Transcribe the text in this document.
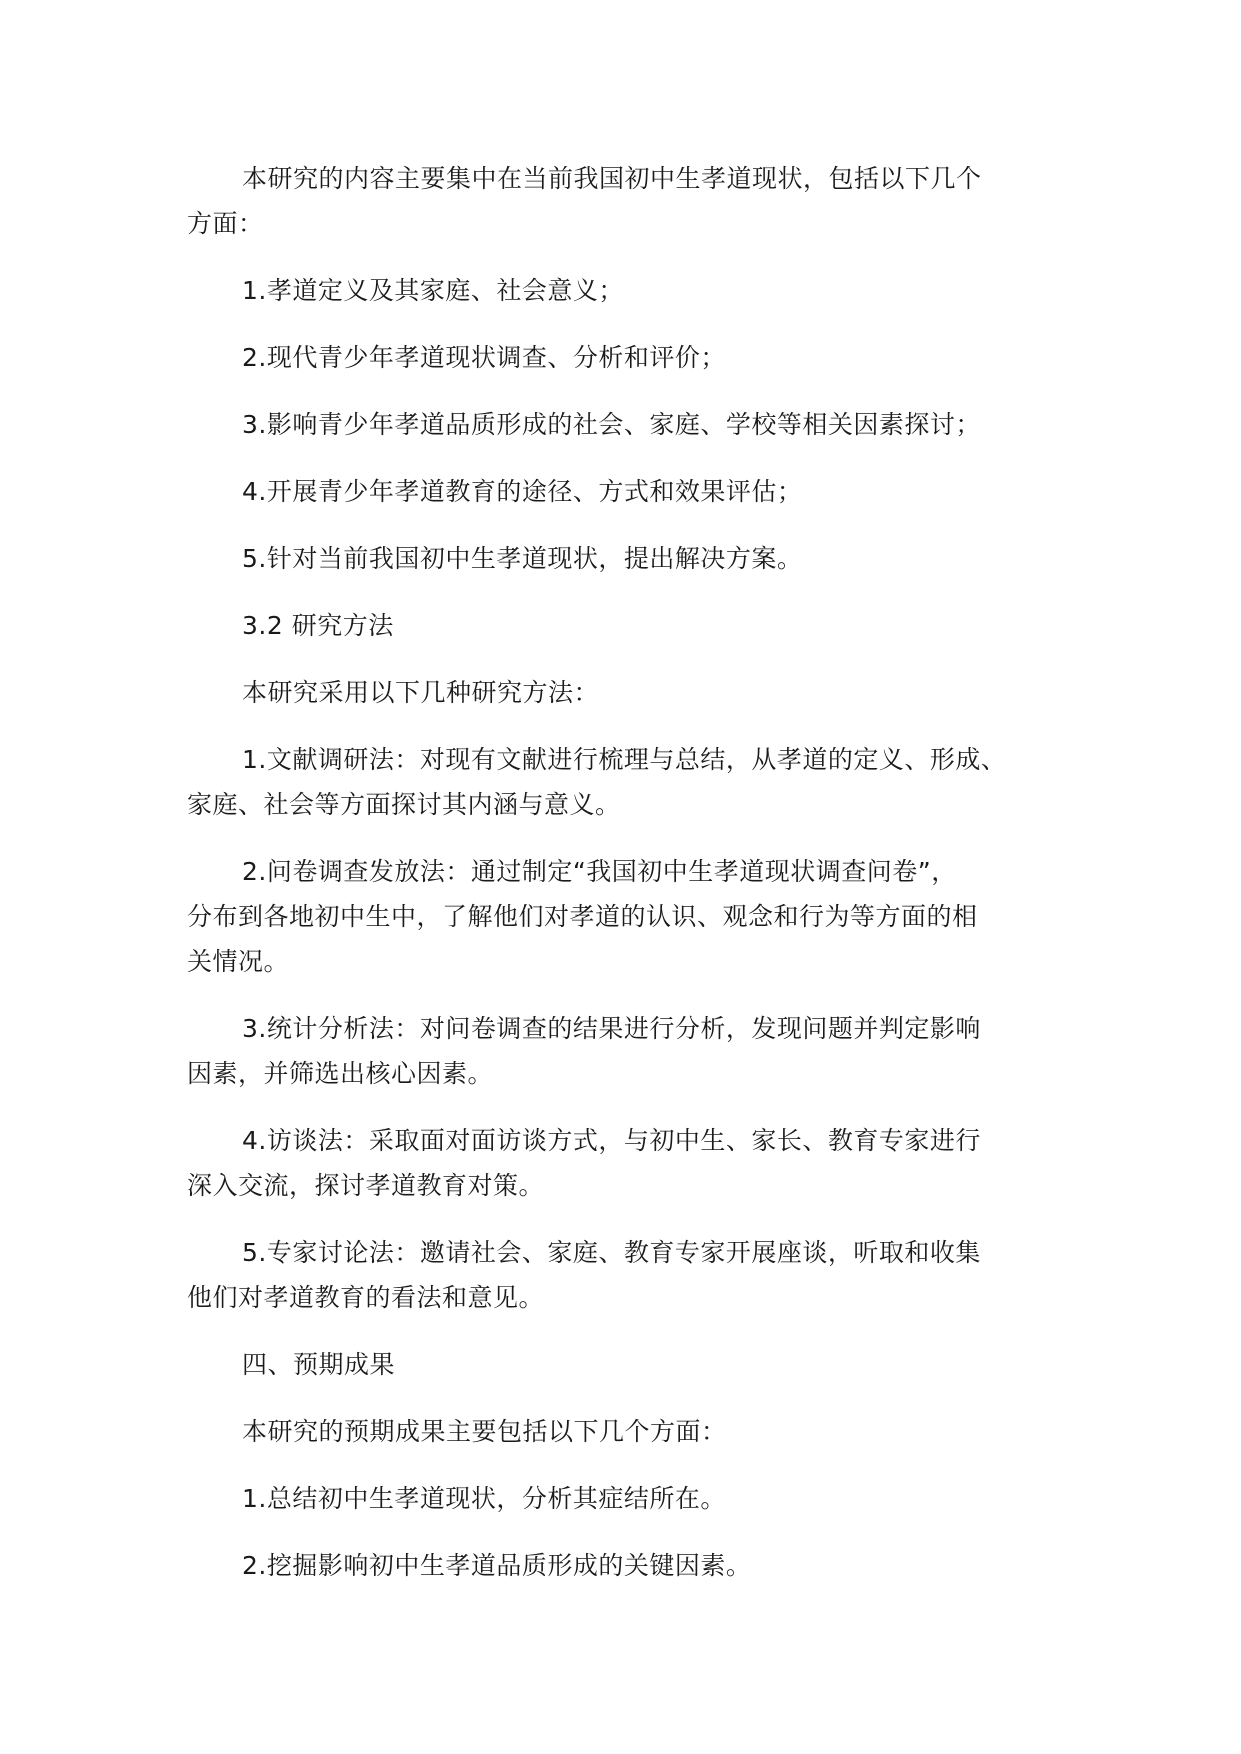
本研究的内容主要集中在当前我国初中生孝道现状，包括以下几个
方面：

1.孝道定义及其家庭、社会意义；

2.现代青少年孝道现状调查、分析和评价；

3.影响青少年孝道品质形成的社会、家庭、学校等相关因素探讨；

4.开展青少年孝道教育的途径、方式和效果评估；

5.针对当前我国初中生孝道现状，提出解决方案。

3.2 研究方法

本研究采用以下几种研究方法：

1.文献调研法：对现有文献进行梳理与总结，从孝道的定义、形成、
家庭、社会等方面探讨其内涵与意义。

2.问卷调查发放法：通过制定“我国初中生孝道现状调查问卷”，
分布到各地初中生中，了解他们对孝道的认识、观念和行为等方面的相
关情况。

3.统计分析法：对问卷调查的结果进行分析，发现问题并判定影响
因素，并筛选出核心因素。

4.访谈法：采取面对面访谈方式，与初中生、家长、教育专家进行
深入交流，探讨孝道教育对策。

5.专家讨论法：邀请社会、家庭、教育专家开展座谈，听取和收集
他们对孝道教育的看法和意见。

四、预期成果

本研究的预期成果主要包括以下几个方面：

1.总结初中生孝道现状，分析其症结所在。

2.挖掘影响初中生孝道品质形成的关键因素。
